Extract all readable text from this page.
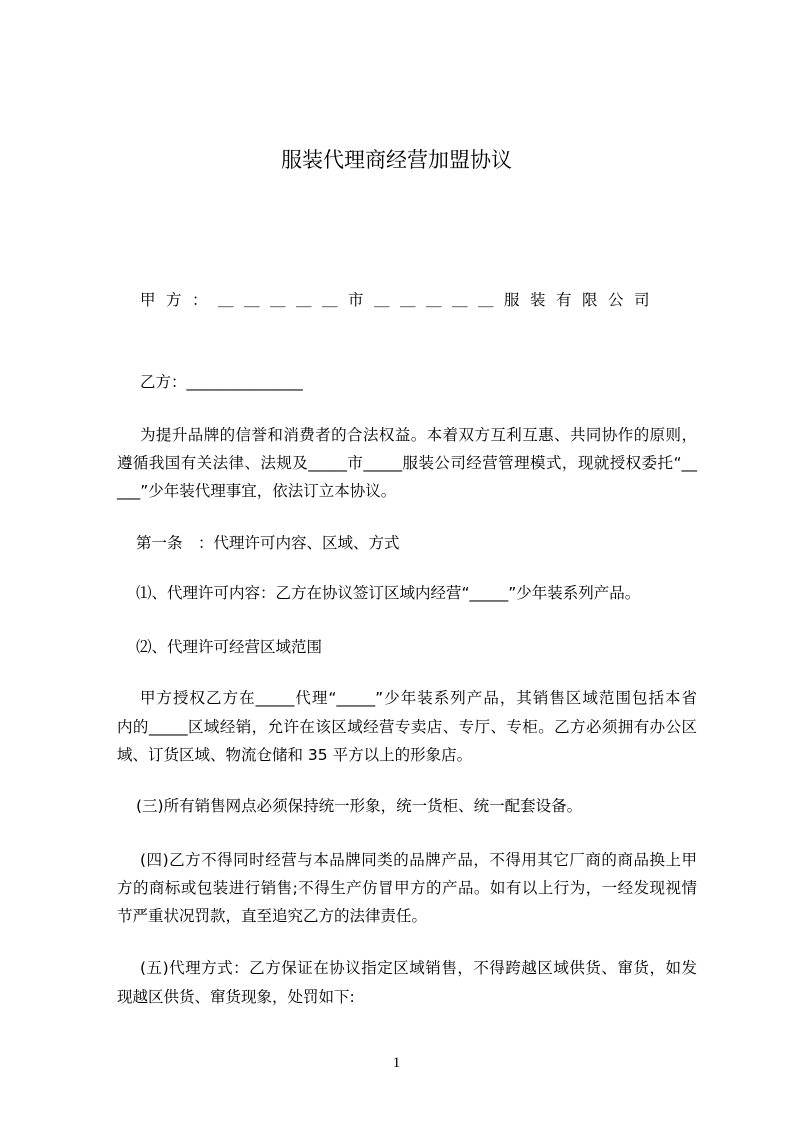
服装代理商经营加盟协议
甲方：＿＿＿＿＿市＿＿＿＿＿服装有限公司
乙方：_______________
为提升品牌的信誉和消费者的合法权益。本着双方互利互惠、共同协作的原则，
遵循我国有关法律、法规及_____市_____服装公司经营管理模式，现就授权委托“__
___”少年装代理事宜，依法订立本协议。
第一条　：代理许可内容、区域、方式
⑴、代理许可内容：乙方在协议签订区域内经营“_____”少年装系列产品。
⑵、代理许可经营区域范围
甲方授权乙方在_____代理“_____”少年装系列产品，其销售区域范围包括本省
内的_____区域经销，允许在该区域经营专卖店、专厅、专柜。乙方必须拥有办公区
域、订货区域、物流仓储和 35 平方以上的形象店。
(三)所有销售网点必须保持统一形象，统一货柜、统一配套设备。
(四)乙方不得同时经营与本品牌同类的品牌产品，不得用其它厂商的商品换上甲
方的商标或包装进行销售;不得生产仿冒甲方的产品。如有以上行为，一经发现视情
节严重状况罚款，直至追究乙方的法律责任。
(五)代理方式：乙方保证在协议指定区域销售，不得跨越区域供货、窜货，如发
现越区供货、窜货现象，处罚如下:
1
